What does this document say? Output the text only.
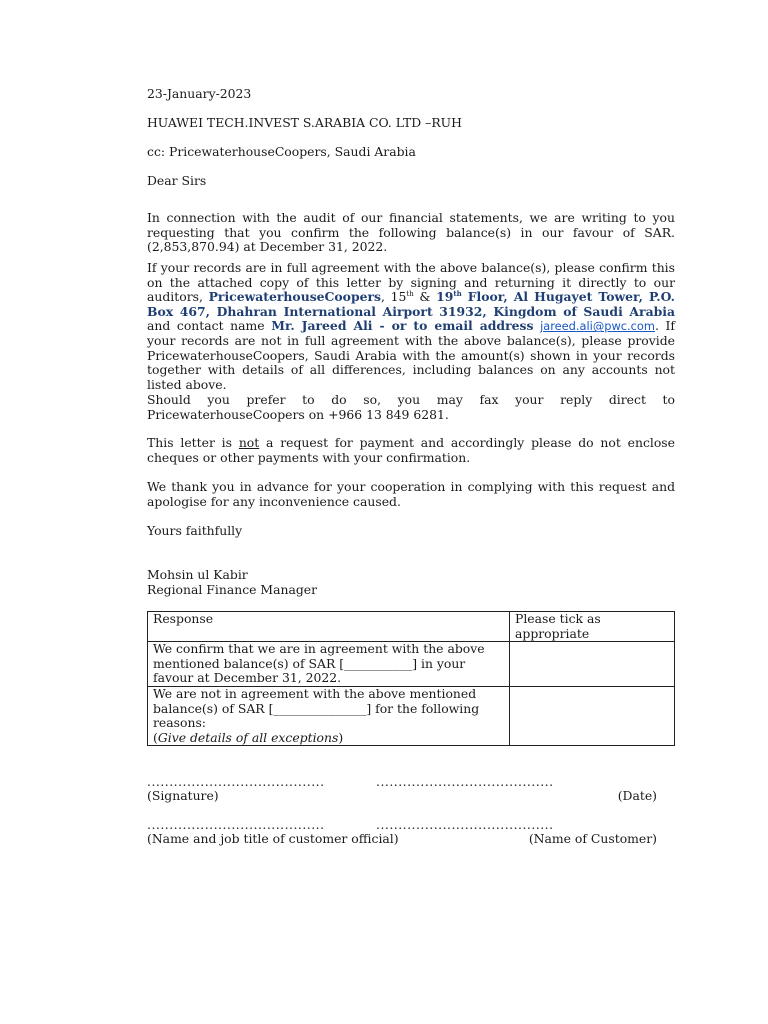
23-January-2023
HUAWEI TECH.INVEST S.ARABIA CO. LTD –RUH
cc: PricewaterhouseCoopers, Saudi Arabia
Dear Sirs
In connection with the audit of our financial statements, we are writing to you requesting that you confirm the following balance(s) in our favour of SAR. (2,853,870.94) at December 31, 2022.
If your records are in full agreement with the above balance(s), please confirm this on the attached copy of this letter by signing and returning it directly to our auditors, PricewaterhouseCoopers, 15th & 19th Floor, Al Hugayet Tower, P.O. Box 467, Dhahran International Airport 31932, Kingdom of Saudi Arabia and contact name Mr. Jareed Ali - or to email address jareed.ali@pwc.com. If your records are not in full agreement with the above balance(s), please provide PricewaterhouseCoopers, Saudi Arabia with the amount(s) shown in your records together with details of all differences, including balances on any accounts not listed above.
Should you prefer to do so, you may fax your reply direct to PricewaterhouseCoopers on +966 13 849 6281.
This letter is not a request for payment and accordingly please do not enclose cheques or other payments with your confirmation.
We thank you in advance for your cooperation in complying with this request and apologise for any inconvenience caused.
Yours faithfully
Mohsin ul Kabir
Regional Finance Manager
Response	Please tick as appropriate
We confirm that we are in agreement with the above mentioned balance(s) of SAR [___________] in your favour at December 31, 2022.	
We are not in agreement with the above mentioned balance(s) of SAR [_______________] for the following reasons:
(Give details of all exceptions)	
........................................	........................................
(Signature)	(Date)
........................................	........................................
(Name and job title of customer official)	(Name of Customer)
